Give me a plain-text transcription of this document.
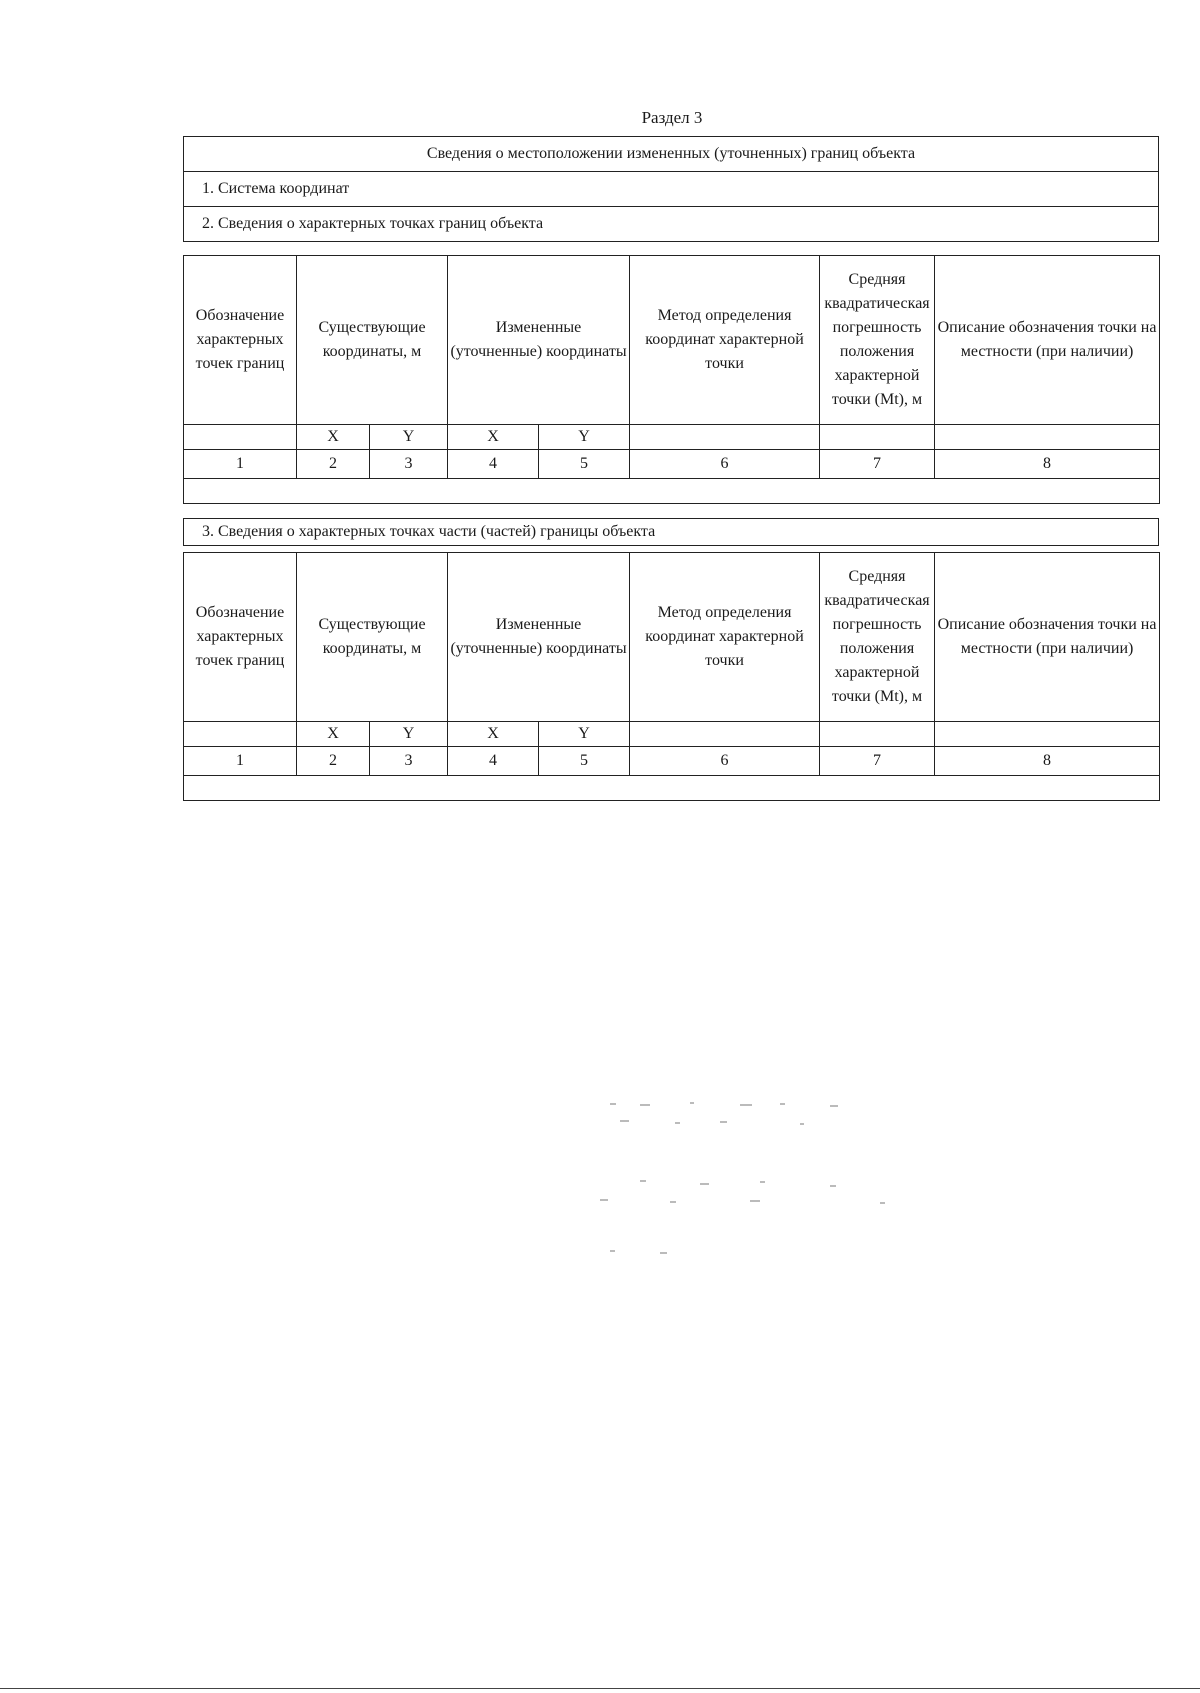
Раздел 3
Сведения о местоположении измененных (уточненных) границ объекта
1. Система координат
2. Сведения о характерных точках границ объекта
Обозначение характерных точек границ	Существующие координаты, м		Измененные (уточненные) координаты		Метод определения координат характерной точки	Средняя квадратическая погрешность положения характерной точки (Mt), м	Описание обозначения точки на местности (при наличии)
	X	Y	X	Y			
1	2	3	4	5	6	7	8

3. Сведения о характерных точках части (частей) границы объекта
Обозначение характерных точек границ	Существующие координаты, м		Измененные (уточненные) координаты		Метод определения координат характерной точки	Средняя квадратическая погрешность положения характерной точки (Mt), м	Описание обозначения точки на местности (при наличии)
	X	Y	X	Y			
1	2	3	4	5	6	7	8
